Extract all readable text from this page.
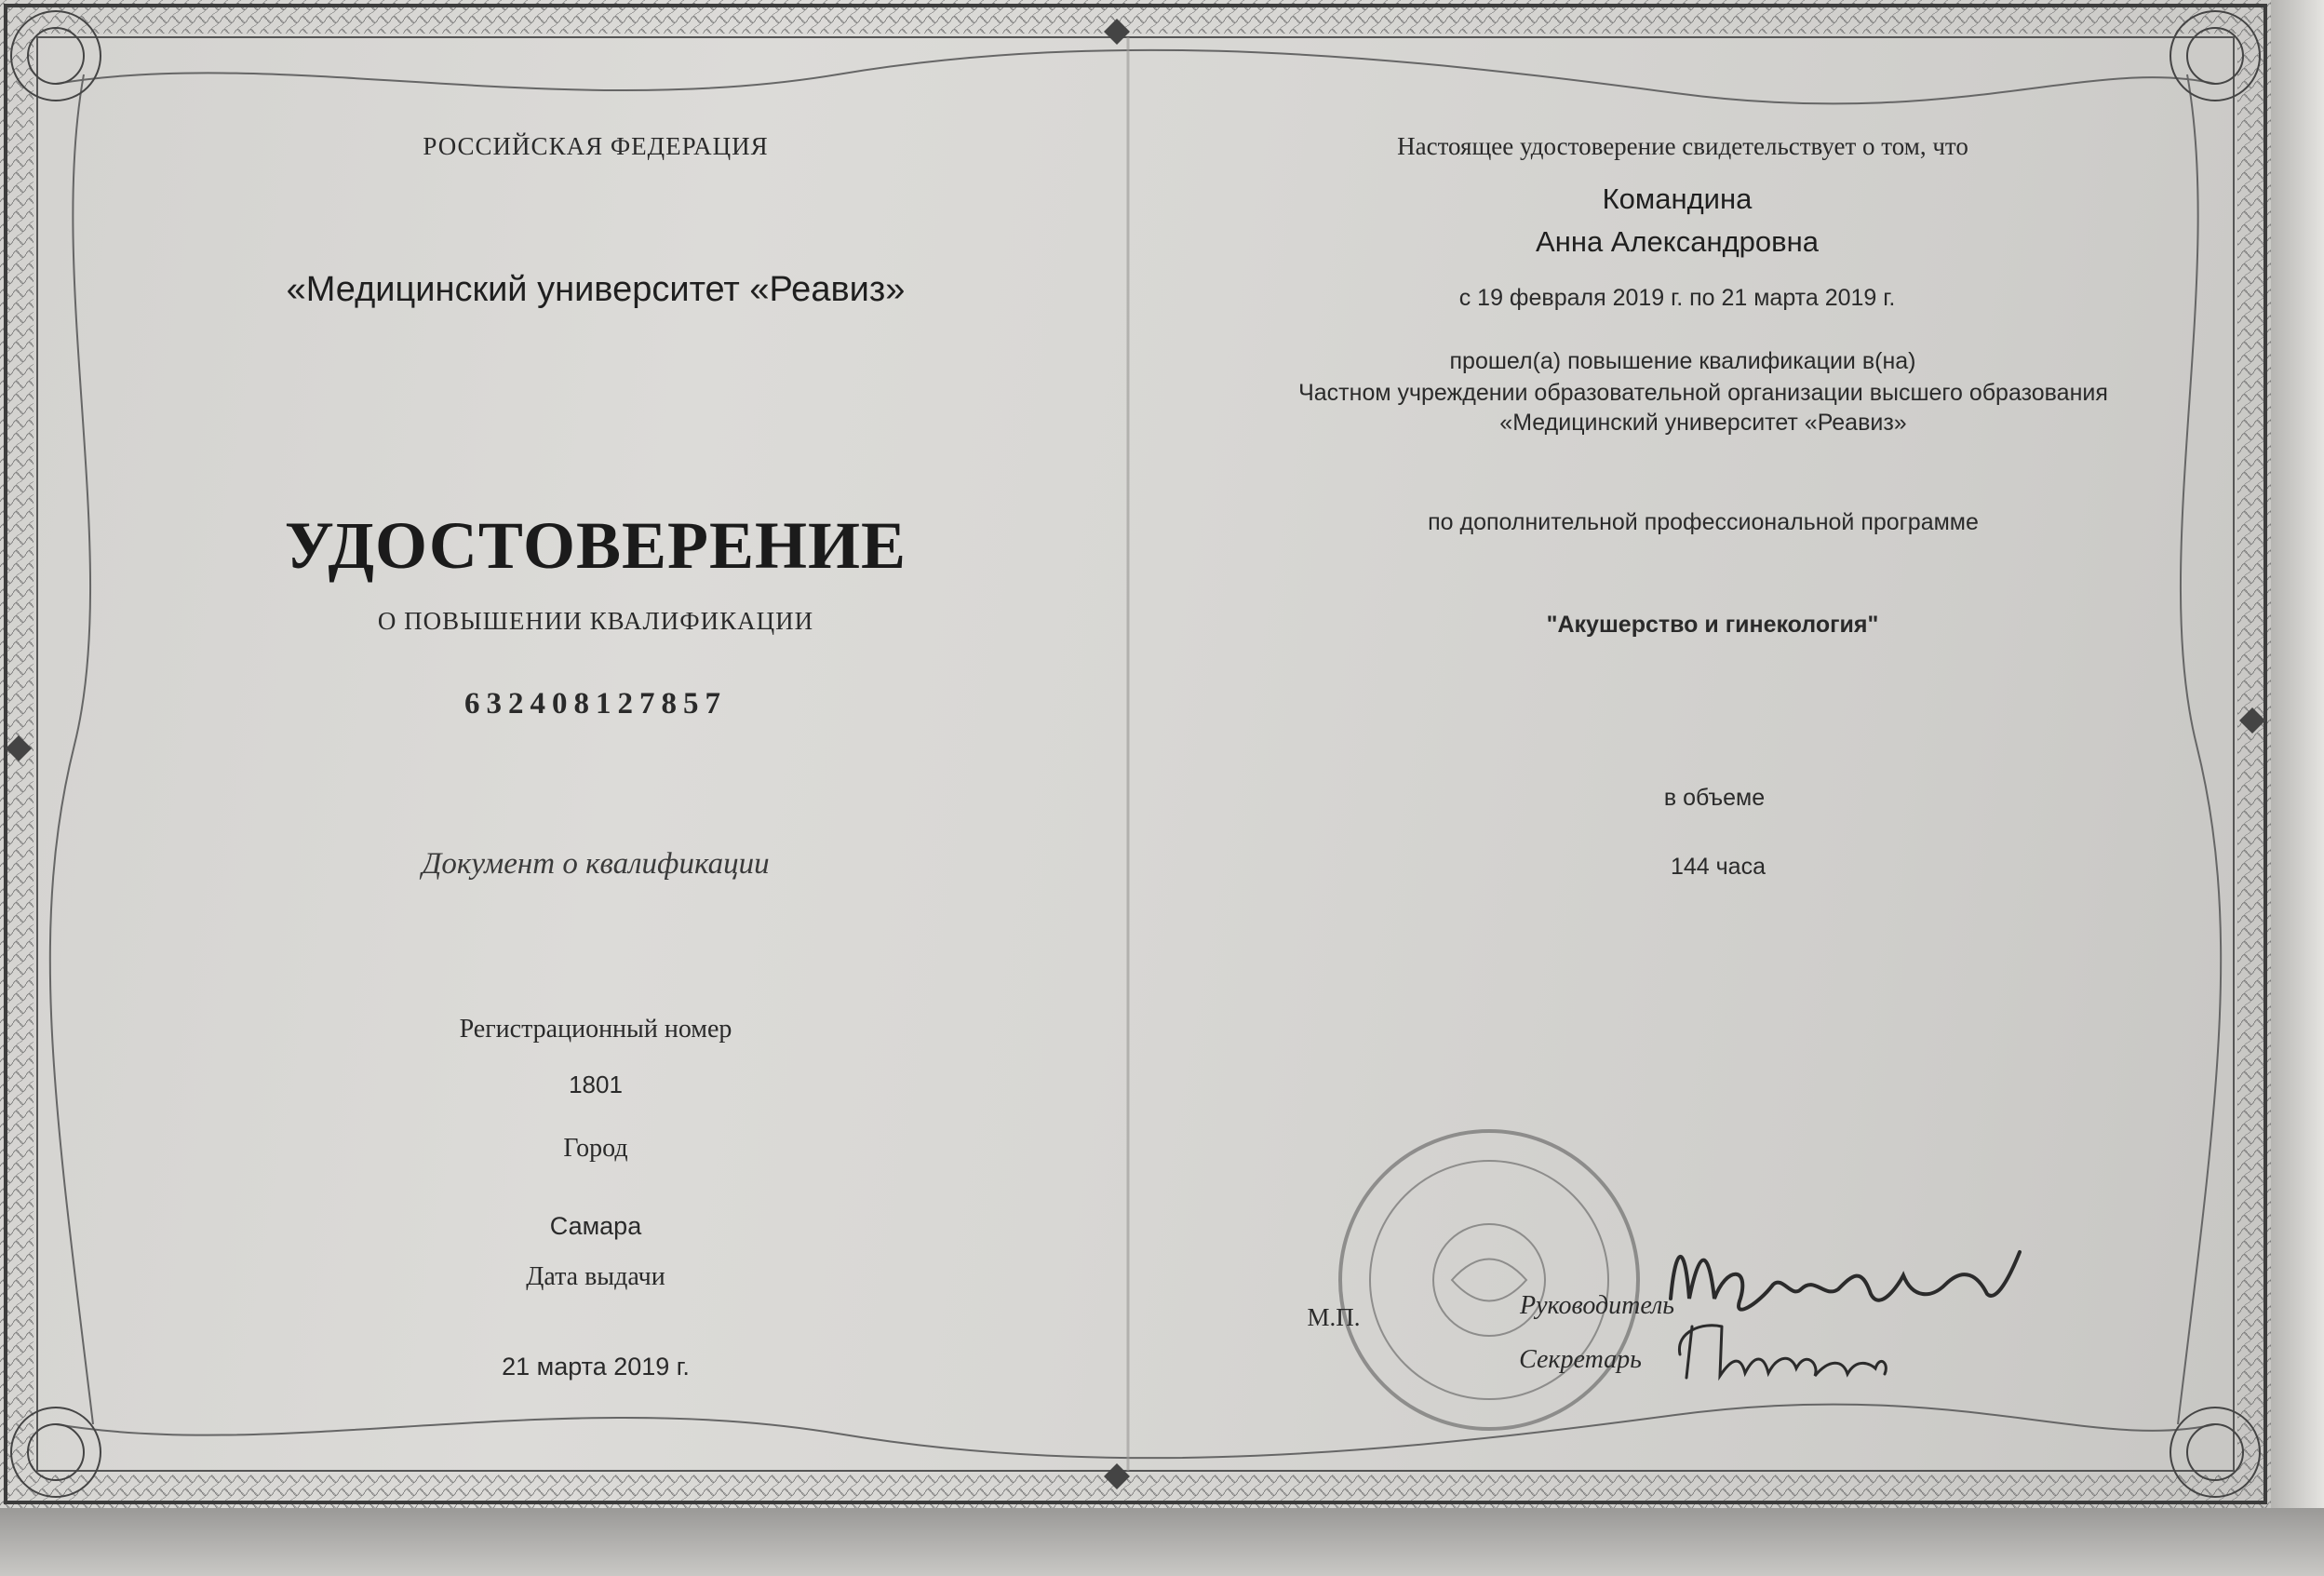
РОССИЙСКАЯ ФЕДЕРАЦИЯ
«Медицинский университет «Реавиз»
УДОСТОВЕРЕНИЕ
О ПОВЫШЕНИИ КВАЛИФИКАЦИИ
632408127857
Документ о квалификации
Регистрационный номер
1801
Город
Самара
Дата выдачи
21 марта 2019 г.
Настоящее удостоверение свидетельствует о том, что
Командина
Анна Александровна
с 19 февраля 2019 г. по 21 марта 2019 г.
прошел(а) повышение квалификации в(на)
Частном учреждении образовательной организации высшего образования
«Медицинский университет «Реавиз»
по дополнительной профессиональной программе
"Акушерство и гинекология"
в объеме
144 часа
М.П.	Руководитель
Секретарь
